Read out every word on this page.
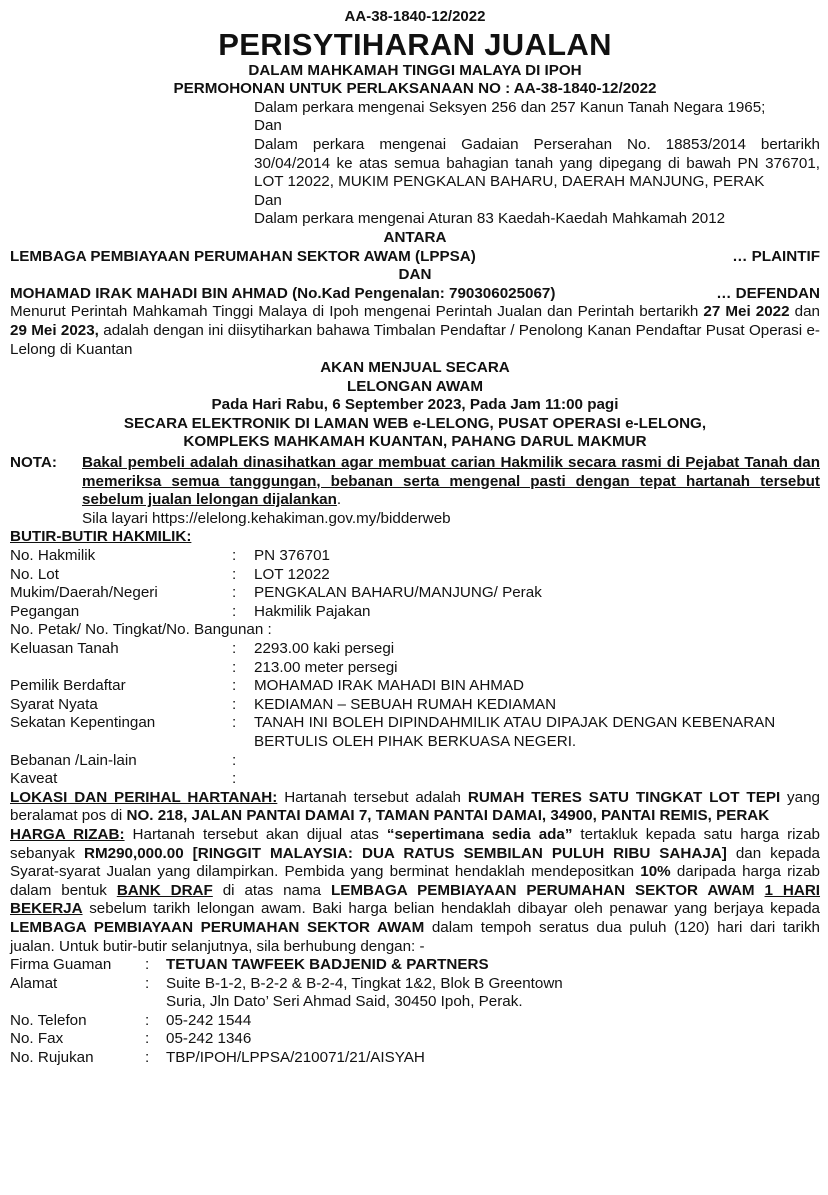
AA-38-1840-12/2022
PERISYTIHARAN JUALAN
DALAM MAHKAMAH TINGGI MALAYA DI IPOH
PERMOHONAN UNTUK PERLAKSANAAN NO : AA-38-1840-12/2022
Dalam perkara mengenai Seksyen 256 dan 257 Kanun Tanah Negara 1965;
Dan
Dalam perkara mengenai Gadaian Perserahan No. 18853/2014 bertarikh 30/04/2014 ke atas semua bahagian tanah yang dipegang di bawah PN 376701, LOT 12022, MUKIM PENGKALAN BAHARU, DAERAH MANJUNG, PERAK
Dan
Dalam perkara mengenai Aturan 83 Kaedah-Kaedah Mahkamah 2012
ANTARA
LEMBAGA PEMBIAYAAN PERUMAHAN SEKTOR AWAM (LPPSA)	… PLAINTIF
DAN
MOHAMAD IRAK MAHADI BIN AHMAD (No.Kad Pengenalan: 790306025067)	… DEFENDAN
Menurut Perintah Mahkamah Tinggi Malaya di Ipoh mengenai Perintah Jualan dan Perintah bertarikh 27 Mei 2022 dan 29 Mei 2023, adalah dengan ini diisytiharkan bahawa Timbalan Pendaftar / Penolong Kanan Pendaftar Pusat Operasi e-Lelong di Kuantan
AKAN MENJUAL SECARA
LELONGAN AWAM
Pada Hari Rabu, 6 September 2023, Pada Jam 11:00 pagi
SECARA ELEKTRONIK DI LAMAN WEB e-LELONG, PUSAT OPERASI e-LELONG,
KOMPLEKS MAHKAMAH KUANTAN, PAHANG DARUL MAKMUR
NOTA:	Bakal pembeli adalah dinasihatkan agar membuat carian Hakmilik secara rasmi di Pejabat Tanah dan memeriksa semua tanggungan, bebanan serta mengenal pasti dengan tepat hartanah tersebut sebelum jualan lelongan dijalankan.
Sila layari https://elelong.kehakiman.gov.my/bidderweb
BUTIR-BUTIR HAKMILIK:
No. Hakmilik	:	PN 376701
No. Lot	:	LOT 12022
Mukim/Daerah/Negeri	:	PENGKALAN BAHARU/MANJUNG/ Perak
Pegangan	:	Hakmilik Pajakan
No. Petak/ No. Tingkat/No. Bangunan :
Keluasan Tanah	:	2293.00 kaki persegi
:	213.00 meter persegi
Pemilik Berdaftar	:	MOHAMAD IRAK MAHADI BIN AHMAD
Syarat Nyata	:	KEDIAMAN – SEBUAH RUMAH KEDIAMAN
Sekatan Kepentingan	:	TANAH INI BOLEH DIPINDAHMILIK ATAU DIPAJAK DENGAN KEBENARAN BERTULIS OLEH PIHAK BERKUASA NEGERI.
Bebanan /Lain-lain	:
Kaveat	:
LOKASI DAN PERIHAL HARTANAH: Hartanah tersebut adalah RUMAH TERES SATU TINGKAT LOT TEPI yang beralamat pos di NO. 218, JALAN PANTAI DAMAI 7, TAMAN PANTAI DAMAI, 34900, PANTAI REMIS, PERAK
HARGA RIZAB: Hartanah tersebut akan dijual atas “sepertimana sedia ada” tertakluk kepada satu harga rizab sebanyak RM290,000.00 [RINGGIT MALAYSIA: DUA RATUS SEMBILAN PULUH RIBU SAHAJA] dan kepada Syarat-syarat Jualan yang dilampirkan. Pembida yang berminat hendaklah mendepositkan 10% daripada harga rizab dalam bentuk BANK DRAF di atas nama LEMBAGA PEMBIAYAAN PERUMAHAN SEKTOR AWAM 1 HARI BEKERJA sebelum tarikh lelongan awam. Baki harga belian hendaklah dibayar oleh penawar yang berjaya kepada LEMBAGA PEMBIAYAAN PERUMAHAN SEKTOR AWAM dalam tempoh seratus dua puluh (120) hari dari tarikh jualan. Untuk butir-butir selanjutnya, sila berhubung dengan: -
Firma Guaman	:	TETUAN TAWFEEK BADJENID & PARTNERS
Alamat	:	Suite B-1-2, B-2-2 & B-2-4, Tingkat 1&2, Blok B Greentown
Suria, Jln Dato’ Seri Ahmad Said, 30450 Ipoh, Perak.
No. Telefon	:	05-242 1544
No. Fax	:	05-242 1346
No. Rujukan	:	TBP/IPOH/LPPSA/210071/21/AISYAH
